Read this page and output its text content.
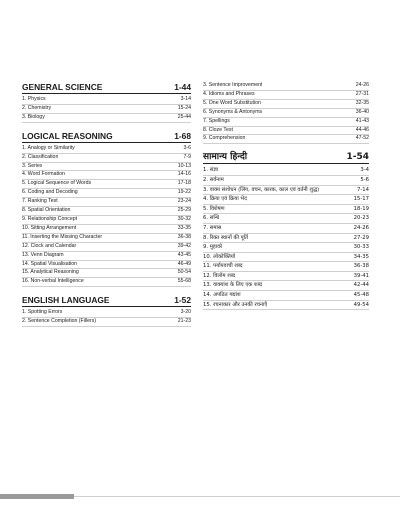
GENERAL SCIENCE	1-44
1. Physics	3-14
2. Chemistry	15-24
3. Biology	25-44
LOGICAL REASONING	1-68
1. Analogy or Similarity	3-6
2. Classification	7-9
3. Series	10-13
4. Word Formation	14-16
5. Logical Sequence of Words	17-18
6. Coding and Decoding	19-22
7. Ranking Test	23-24
8. Spatial Orientation	25-29
9. Relationship Concept	30-32
10. Sitting Arrangement	33-35
11. Inserting the Missing Character	36-38
12. Clock and Calendar	39-42
13. Venn Diagram	43-45
14. Spatial Visualisation	46-49
15. Analytical Reasoning	50-54
16. Non-verbal Intelligence	55-68
ENGLISH LANGUAGE	1-52
1. Spotting Errors	3-20
2. Sentence Completion (Fillers)	21-23
3. Sentence Improvement	24-26
4. Idioms and Phrases	27-31
5. One Word Substitution	32-35
6. Synonyms & Antonyms	36-40
7. Spellings	41-43
8. Cloze Test	44-46
9. Comprehension	47-52
सामान्य हिन्दी	1-54
1. संज्ञा	3-4
2. सर्वनाम	5-6
3. वाक्य संशोधन (लिंग, वचन, कारक, काल एवं वर्तनी शुद्ध)	7-14
4. क्रिया एवं क्रिया भेद	15-17
5. विशेषण	18-19
6. सन्धि	20-23
7. समास	24-26
8. रिक्त स्थानों की पूर्ति	27-29
9. मुहावरे	30-33
10. लोकोक्तियाँ	34-35
11. पर्यायवाची शब्द	36-38
12. विलोम शब्द	39-41
13. वाक्यांश के लिए एक शब्द	42-44
14. अपठित गद्यांश	45-48
15. रचनाकार और उनकी रचनाएँ	49-54
